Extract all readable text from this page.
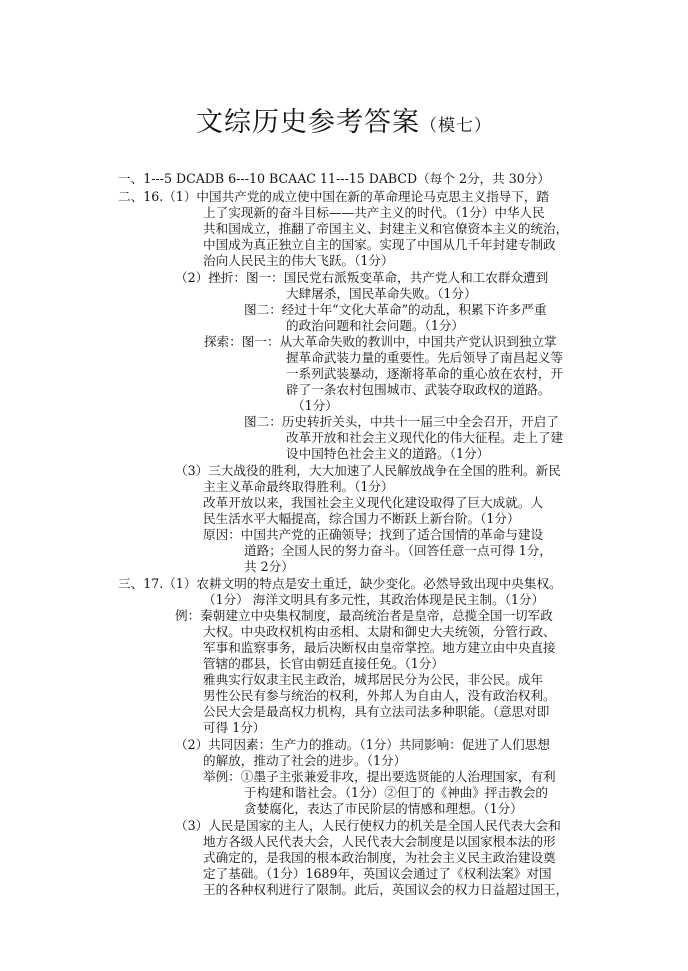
文综历史参考答案（模七）
一、1---5 DCADB 6---10 BCAAC 11---15 DABCD（每个 2分，共 30分）
二、16.（1）中国共产党的成立使中国在新的革命理论马克思主义指导下，踏
上了实现新的奋斗目标——共产主义的时代。（1分）中华人民
共和国成立，推翻了帝国主义、封建主义和官僚资本主义的统治，
中国成为真正独立自主的国家。实现了中国从几千年封建专制政
治向人民民主的伟大飞跃。（1分）
（2）挫折：图一：国民党右派叛变革命，共产党人和工农群众遭到
大肆屠杀，国民革命失败。（1分）
图二：经过十年“文化大革命”的动乱，积累下许多严重
的政治问题和社会问题。（1分）
探索：图一：从大革命失败的教训中，中国共产党认识到独立掌
握革命武装力量的重要性。先后领导了南昌起义等
一系列武装暴动，逐渐将革命的重心放在农村，开
辟了一条农村包围城市、武装夺取政权的道路。
（1分）
图二：历史转折关头，中共十一届三中全会召开，开启了
改革开放和社会主义现代化的伟大征程。走上了建
设中国特色社会主义的道路。（1分）
（3）三大战役的胜利，大大加速了人民解放战争在全国的胜利。新民
主主义革命最终取得胜利。（1分）
改革开放以来，我国社会主义现代化建设取得了巨大成就。人
民生活水平大幅提高，综合国力不断跃上新台阶。（1分）
原因：中国共产党的正确领导；找到了适合国情的革命与建设
道路；全国人民的努力奋斗。（回答任意一点可得 1分，
共 2分）
三、17.（1）农耕文明的特点是安土重迁，缺少变化。必然导致出现中央集权。
（1分） 海洋文明具有多元性，其政治体现是民主制。（1分）
例：秦朝建立中央集权制度，最高统治者是皇帝，总揽全国一切军政
大权。中央政权机构由丞相、太尉和御史大夫统领，分管行政、
军事和监察事务，最后决断权由皇帝掌控。地方建立由中央直接
管辖的郡县，长官由朝廷直接任免。（1分）
雅典实行奴隶主民主政治，城邦居民分为公民，非公民。成年
男性公民有参与统治的权利，外邦人为自由人，没有政治权利。
公民大会是最高权力机构，具有立法司法多种职能。（意思对即
可得 1分）
（2）共同因素：生产力的推动。（1分）共同影响：促进了人们思想
的解放，推动了社会的进步。（1分）
举例：①墨子主张兼爱非攻，提出要选贤能的人治理国家，有利
于构建和谐社会。（1分）②但丁的《神曲》抨击教会的
贪婪腐化，表达了市民阶层的情感和理想。（1分）
（3）人民是国家的主人，人民行使权力的机关是全国人民代表大会和
地方各级人民代表大会，人民代表大会制度是以国家根本法的形
式确定的，是我国的根本政治制度，为社会主义民主政治建设奠
定了基础。（1分）1689年，英国议会通过了《权利法案》对国
王的各种权利进行了限制。此后，英国议会的权力日益超过国王，
